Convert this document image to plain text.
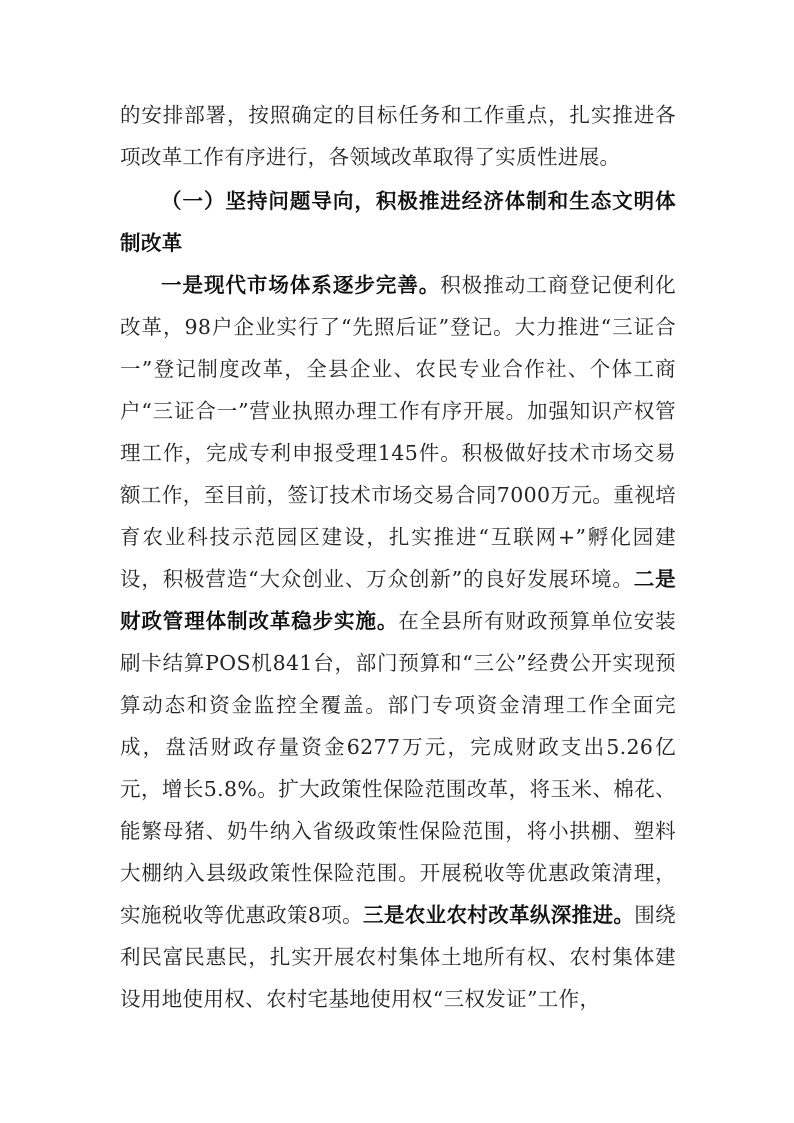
的安排部署，按照确定的目标任务和工作重点，扎实推进各项改革工作有序进行，各领域改革取得了实质性进展。

（一）坚持问题导向，积极推进经济体制和生态文明体制改革

一是现代市场体系逐步完善。积极推动工商登记便利化改革，98户企业实行了“先照后证”登记。大力推进“三证合一”登记制度改革，全县企业、农民专业合作社、个体工商户“三证合一”营业执照办理工作有序开展。加强知识产权管理工作，完成专利申报受理145件。积极做好技术市场交易额工作，至目前，签订技术市场交易合同7000万元。重视培育农业科技示范园区建设，扎实推进“互联网+”孵化园建设，积极营造“大众创业、万众创新”的良好发展环境。二是财政管理体制改革稳步实施。在全县所有财政预算单位安装刷卡结算POS机841台，部门预算和“三公”经费公开实现预算动态和资金监控全覆盖。部门专项资金清理工作全面完成，盘活财政存量资金6277万元，完成财政支出5.26亿元，增长5.8%。扩大政策性保险范围改革，将玉米、棉花、能繁母猪、奶牛纳入省级政策性保险范围，将小拱棚、塑料大棚纳入县级政策性保险范围。开展税收等优惠政策清理，实施税收等优惠政策8项。三是农业农村改革纵深推进。围绕利民富民惠民，扎实开展农村集体土地所有权、农村集体建设用地使用权、农村宅基地使用权“三权发证”工作，
